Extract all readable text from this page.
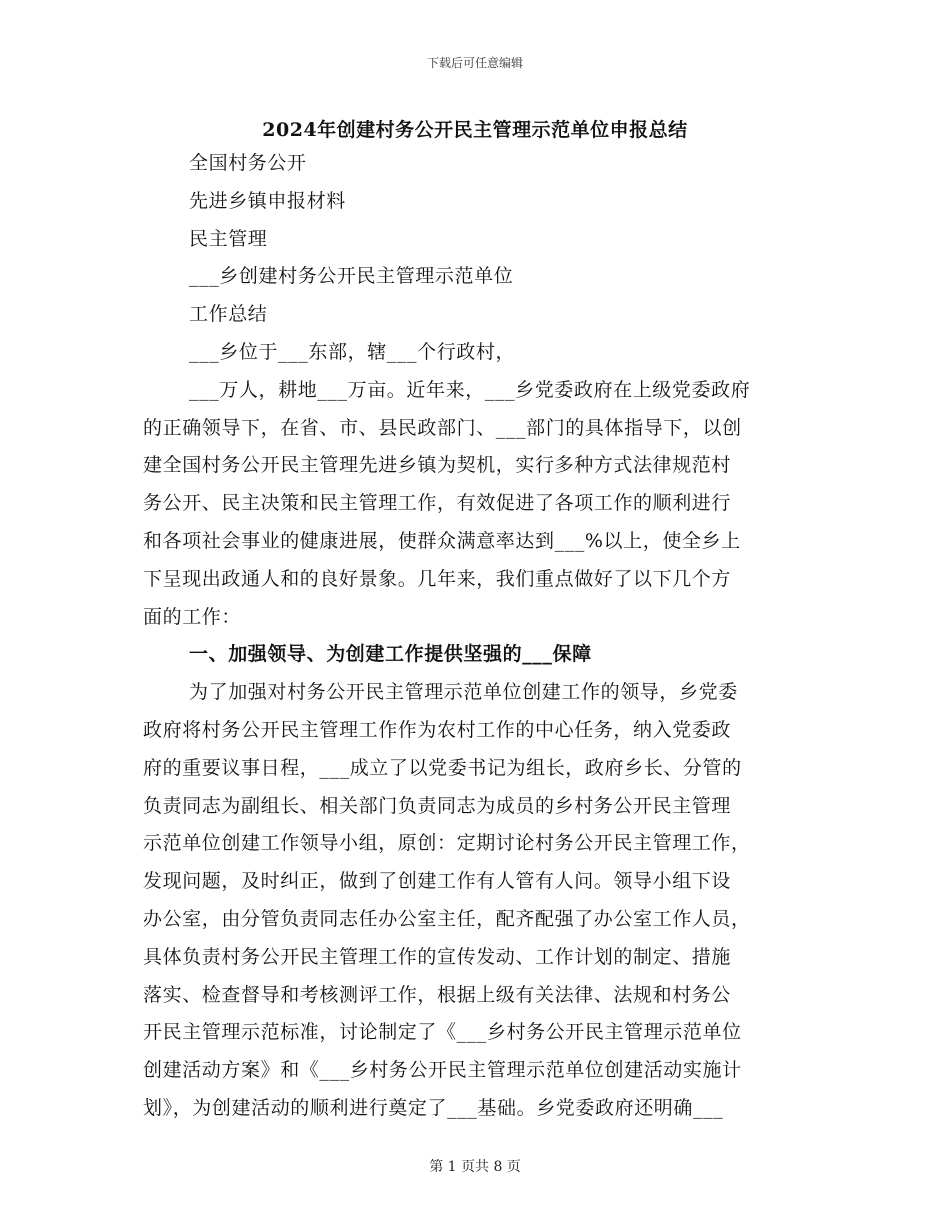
下载后可任意编辑
2024年创建村务公开民主管理示范单位申报总结
全国村务公开
先进乡镇申报材料
民主管理
___乡创建村务公开民主管理示范单位
工作总结
___乡位于___东部，辖___个行政村，
___万人，耕地___万亩。近年来，___乡党委政府在上级党委政府
的正确领导下，在省、市、县民政部门、___部门的具体指导下，以创
建全国村务公开民主管理先进乡镇为契机，实行多种方式法律规范村
务公开、民主决策和民主管理工作，有效促进了各项工作的顺利进行
和各项社会事业的健康进展，使群众满意率达到___%以上，使全乡上
下呈现出政通人和的良好景象。几年来，我们重点做好了以下几个方
面的工作：
一、加强领导、为创建工作提供坚强的___保障
为了加强对村务公开民主管理示范单位创建工作的领导，乡党委
政府将村务公开民主管理工作作为农村工作的中心任务，纳入党委政
府的重要议事日程，___成立了以党委书记为组长，政府乡长、分管的
负责同志为副组长、相关部门负责同志为成员的乡村务公开民主管理
示范单位创建工作领导小组，原创：定期讨论村务公开民主管理工作，
发现问题，及时纠正，做到了创建工作有人管有人问。领导小组下设
办公室，由分管负责同志任办公室主任，配齐配强了办公室工作人员，
具体负责村务公开民主管理工作的宣传发动、工作计划的制定、措施
落实、检查督导和考核测评工作，根据上级有关法律、法规和村务公
开民主管理示范标准，讨论制定了《___乡村务公开民主管理示范单位
创建活动方案》和《___乡村务公开民主管理示范单位创建活动实施计
划》，为创建活动的顺利进行奠定了___基础。乡党委政府还明确___
第 1 页共 8 页
